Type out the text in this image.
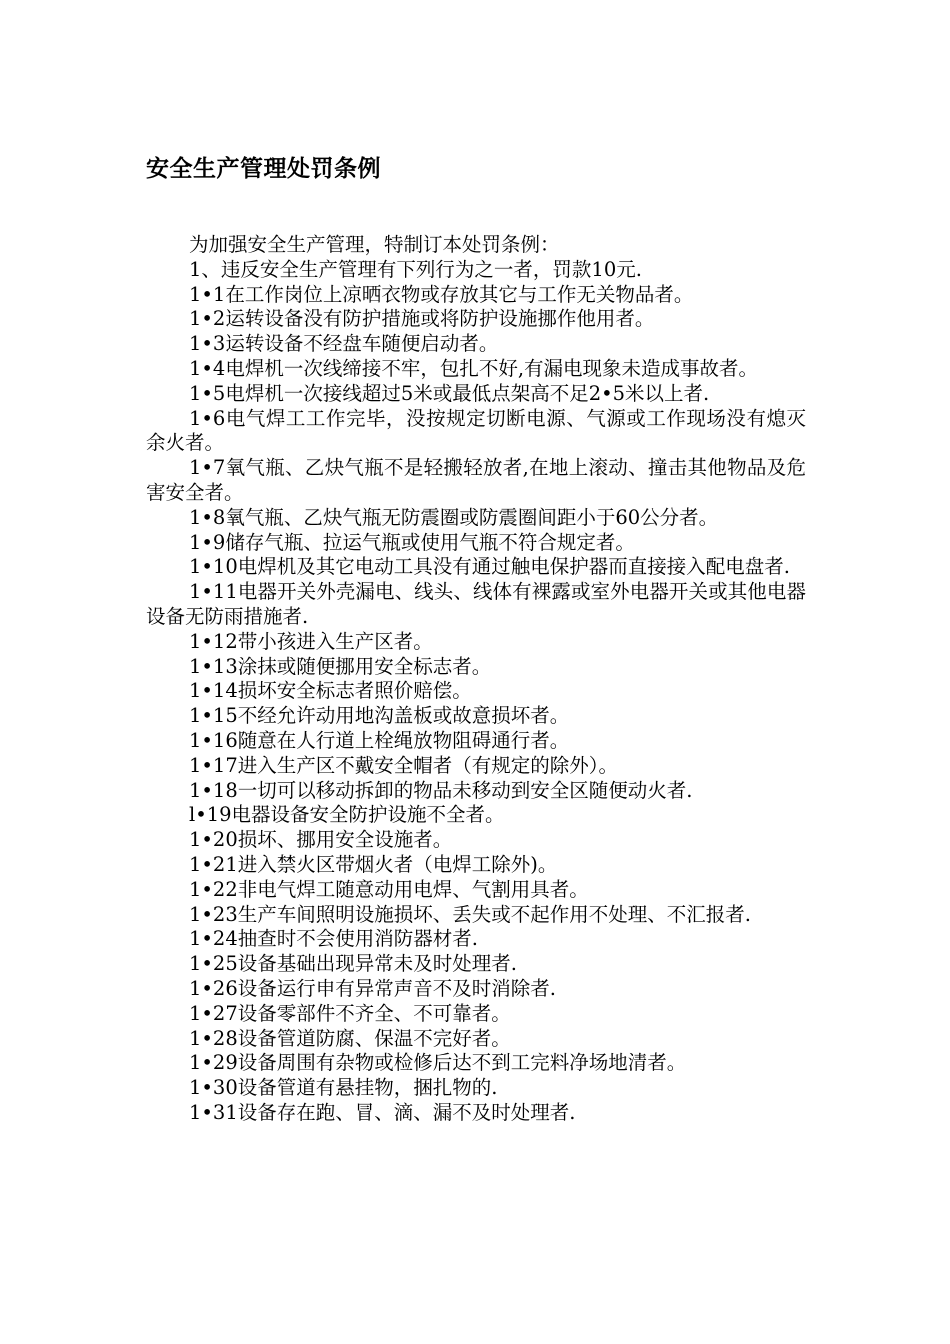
安全生产管理处罚条例

为加强安全生产管理，特制订本处罚条例：

1、违反安全生产管理有下列行为之一者，罚款10元.

1•1在工作岗位上凉晒衣物或存放其它与工作无关物品者。

1•2运转设备没有防护措施或将防护设施挪作他用者。

1•3运转设备不经盘车随便启动者。

1•4电焊机一次线缔接不牢，包扎不好,有漏电现象未造成事故者。

1•5电焊机一次接线超过5米或最低点架高不足2•5米以上者.

1•6电气焊工工作完毕，没按规定切断电源、气源或工作现场没有熄灭余火者。

1•7氧气瓶、乙炔气瓶不是轻搬轻放者,在地上滚动、撞击其他物品及危害安全者。

1•8氧气瓶、乙炔气瓶无防震圈或防震圈间距小于60公分者。

1•9储存气瓶、拉运气瓶或使用气瓶不符合规定者。

1•10电焊机及其它电动工具没有通过触电保护器而直接接入配电盘者.

1•11电器开关外壳漏电、线头、线体有裸露或室外电器开关或其他电器设备无防雨措施者.

1•12带小孩进入生产区者。

1•13涂抹或随便挪用安全标志者。

1•14损坏安全标志者照价赔偿。

1•15不经允许动用地沟盖板或故意损坏者。

1•16随意在人行道上栓绳放物阻碍通行者。

1•17进入生产区不戴安全帽者（有规定的除外）。

1•18一切可以移动拆卸的物品未移动到安全区随便动火者.

l•19电器设备安全防护设施不全者。

1•20损坏、挪用安全设施者。

1•21进入禁火区带烟火者（电焊工除外)。

1•22非电气焊工随意动用电焊、气割用具者。

1•23生产车间照明设施损坏、丢失或不起作用不处理、不汇报者.

1•24抽查时不会使用消防器材者.

1•25设备基础出现异常未及时处理者.

1•26设备运行申有异常声音不及时消除者.

1•27设备零部件不齐全、不可靠者。

1•28设备管道防腐、保温不完好者。

1•29设备周围有杂物或检修后达不到工完料净场地清者。

1•30设备管道有悬挂物，捆扎物的.

1•31设备存在跑、冒、滴、漏不及时处理者.
